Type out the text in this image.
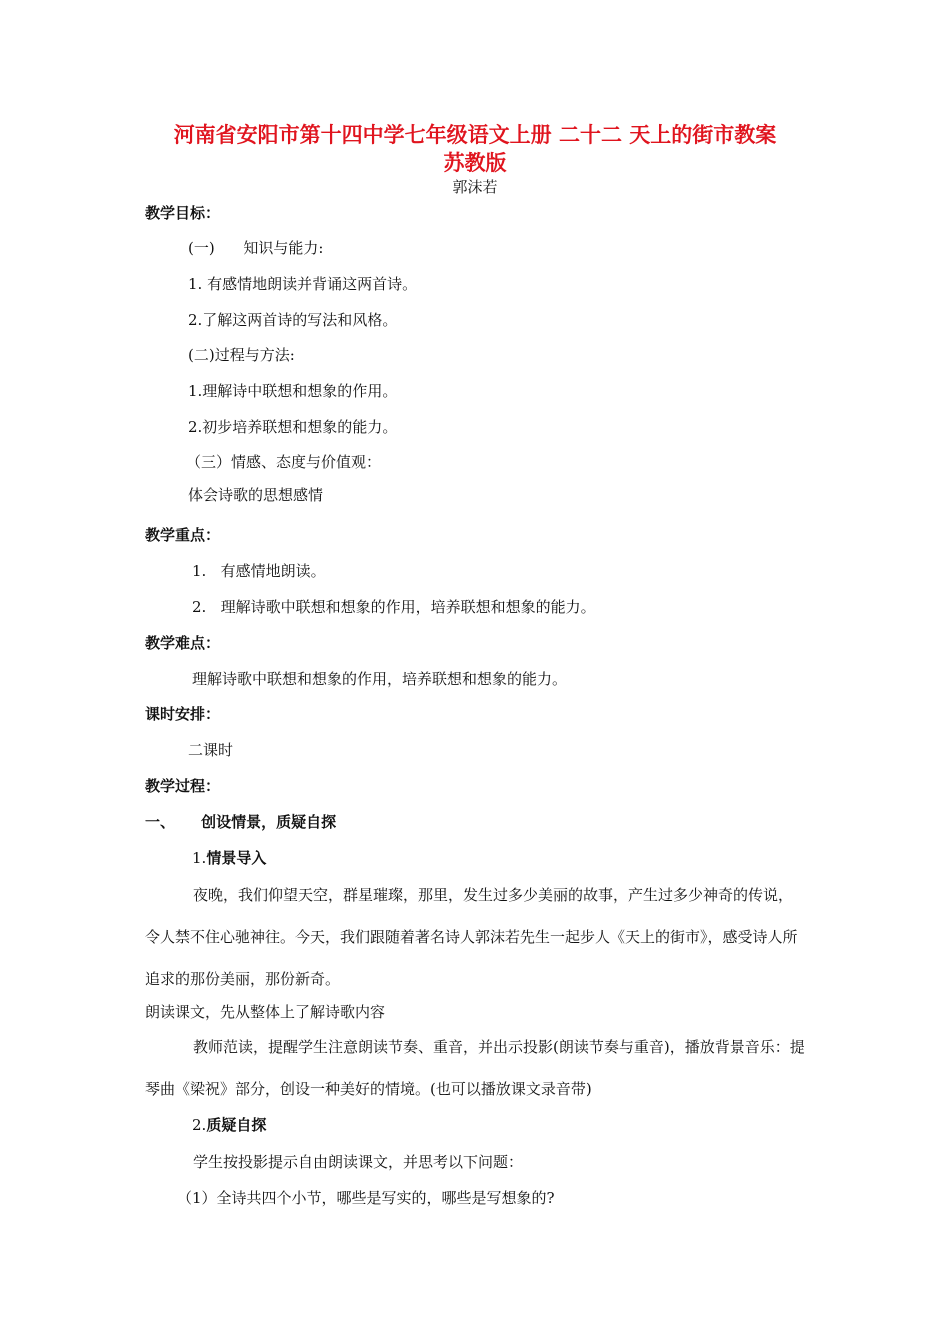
河南省安阳市第十四中学七年级语文上册 二十二 天上的街市教案
苏教版
郭沫若
教学目标：
(一)      知识与能力:
1. 有感情地朗读并背诵这两首诗。
2.了解这两首诗的写法和风格。
(二)过程与方法:
1.理解诗中联想和想象的作用。
2.初步培养联想和想象的能力。
（三）情感、态度与价值观：
体会诗歌的思想感情
教学重点：
1.   有感情地朗读。
2.   理解诗歌中联想和想象的作用，培养联想和想象的能力。
教学难点：
理解诗歌中联想和想象的作用，培养联想和想象的能力。
课时安排：
二课时
教学过程：
一、     创设情景，质疑自探
1.情景导入
夜晚，我们仰望天空，群星璀璨，那里，发生过多少美丽的故事，产生过多少神奇的传说，令人禁不住心驰神往。今天，我们跟随着著名诗人郭沫若先生一起步人《天上的街市》，感受诗人所追求的那份美丽，那份新奇。
朗读课文，先从整体上了解诗歌内容
教师范读，提醒学生注意朗读节奏、重音，并出示投影(朗读节奏与重音)，播放背景音乐：提琴曲《梁祝》部分，创设一种美好的情境。(也可以播放课文录音带)
2.质疑自探
学生按投影提示自由朗读课文，并思考以下问题：
（1）全诗共四个小节，哪些是写实的，哪些是写想象的?
